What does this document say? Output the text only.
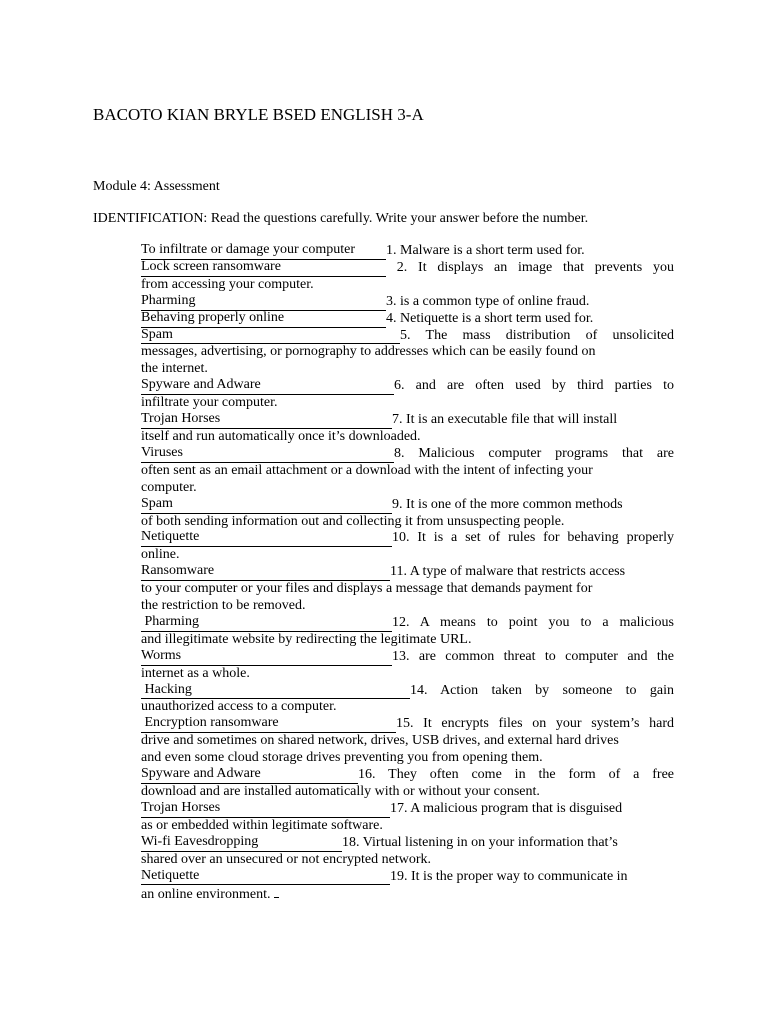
BACOTO KIAN BRYLE BSED ENGLISH 3-A
Module 4: Assessment
IDENTIFICATION: Read the questions carefully. Write your answer before the number.
To infiltrate or damage your computer	1. Malware is a short term used for.
Lock screen ransomware	2. It displays an image that prevents you
from accessing your computer.
Pharming	3. is a common type of online fraud.
Behaving properly online	4. Netiquette is a short term used for.
Spam	5. The mass distribution of unsolicited
messages, advertising, or pornography to addresses which can be easily found on
the internet.
Spyware and Adware	6. and are often used by third parties to
infiltrate your computer.
Trojan Horses	7. It is an executable file that will install
itself and run automatically once it’s downloaded.
Viruses	8. Malicious computer programs that are
often sent as an email attachment or a download with the intent of infecting your
computer.
Spam	9. It is one of the more common methods
of both sending information out and collecting it from unsuspecting people.
Netiquette	10. It is a set of rules for behaving properly
online.
Ransomware	11. A type of malware that restricts access
to your computer or your files and displays a message that demands payment for
the restriction to be removed.
Pharming	12. A means to point you to a malicious
and illegitimate website by redirecting the legitimate URL.
Worms	13. are common threat to computer and the
internet as a whole.
Hacking	14. Action taken by someone to gain
unauthorized access to a computer.
Encryption ransomware	15. It encrypts files on your system’s hard
drive and sometimes on shared network, drives, USB drives, and external hard drives
and even some cloud storage drives preventing you from opening them.
Spyware and Adware	16. They often come in the form of a free
download and are installed automatically with or without your consent.
Trojan Horses	17. A malicious program that is disguised
as or embedded within legitimate software.
Wi-fi Eavesdropping	18. Virtual listening in on your information that’s
shared over an unsecured or not encrypted network.
Netiquette	19. It is the proper way to communicate in
an online environment.
